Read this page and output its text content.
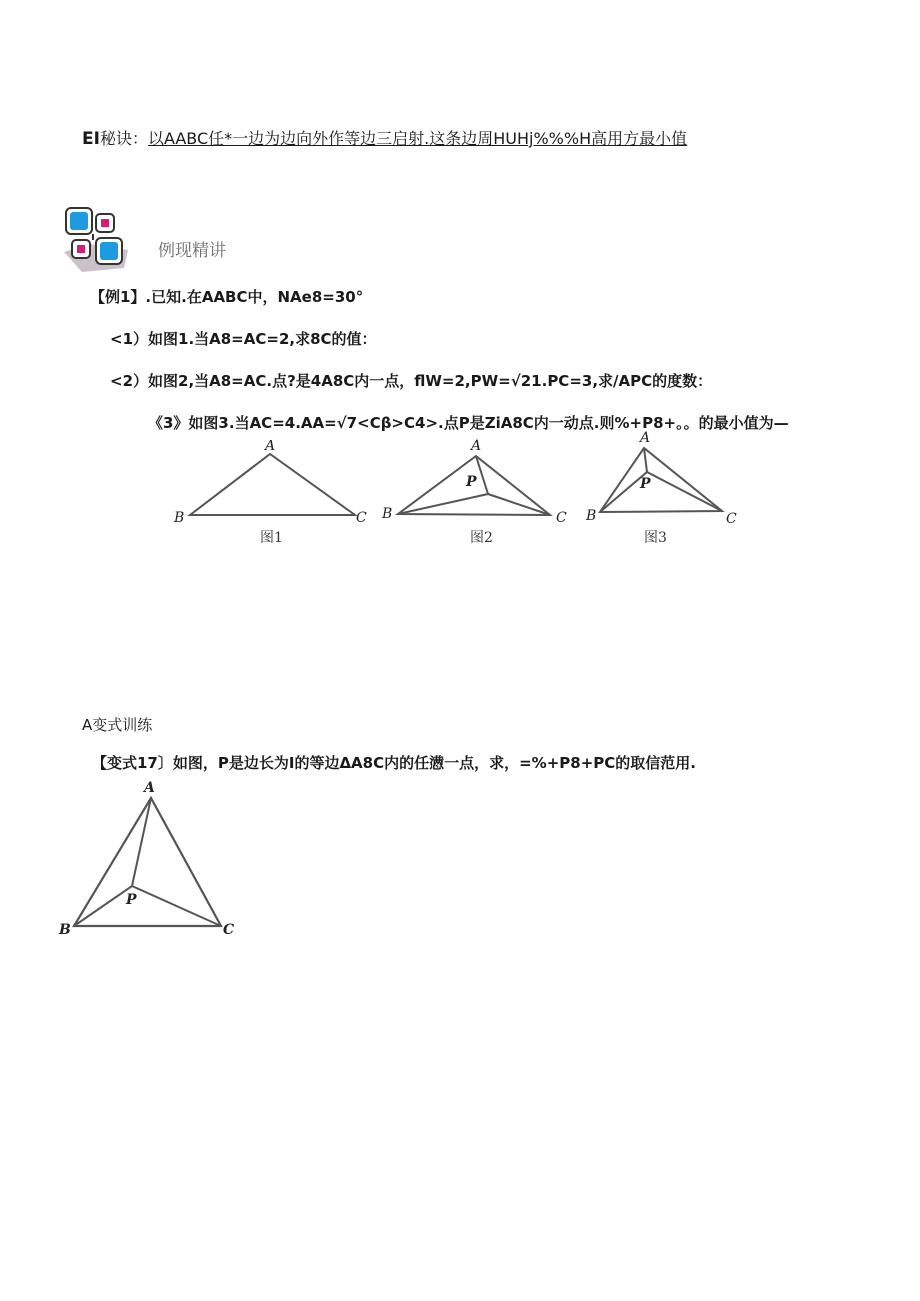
EI秘诀：以AABC任*一边为边向外作等边三启射.这条边周HUHj%%%H高用方最小值
例现精讲
【例1】.已知.在AABC中，NAe8=30°
<1）如图1.当A8=AC=2,求8C的值：
<2）如图2,当A8=AC.点?是4A8C内一点，flW=2,PW=√21.PC=3,求/APC的度数：
《3》如图3.当AC=4.AA=√7<Cβ>C4>.点P是ZiA8C内一动点.则%+P8+。。的最小值为—
A
B	C
图1
A
B	C
P
图2
A
B	C
P
图3
A变式训练
【变式17〕如图，P是边长为I的等边ΔA8C内的任懑一点，求，=%+P8+PC的取信范用.
A
B	C
P
